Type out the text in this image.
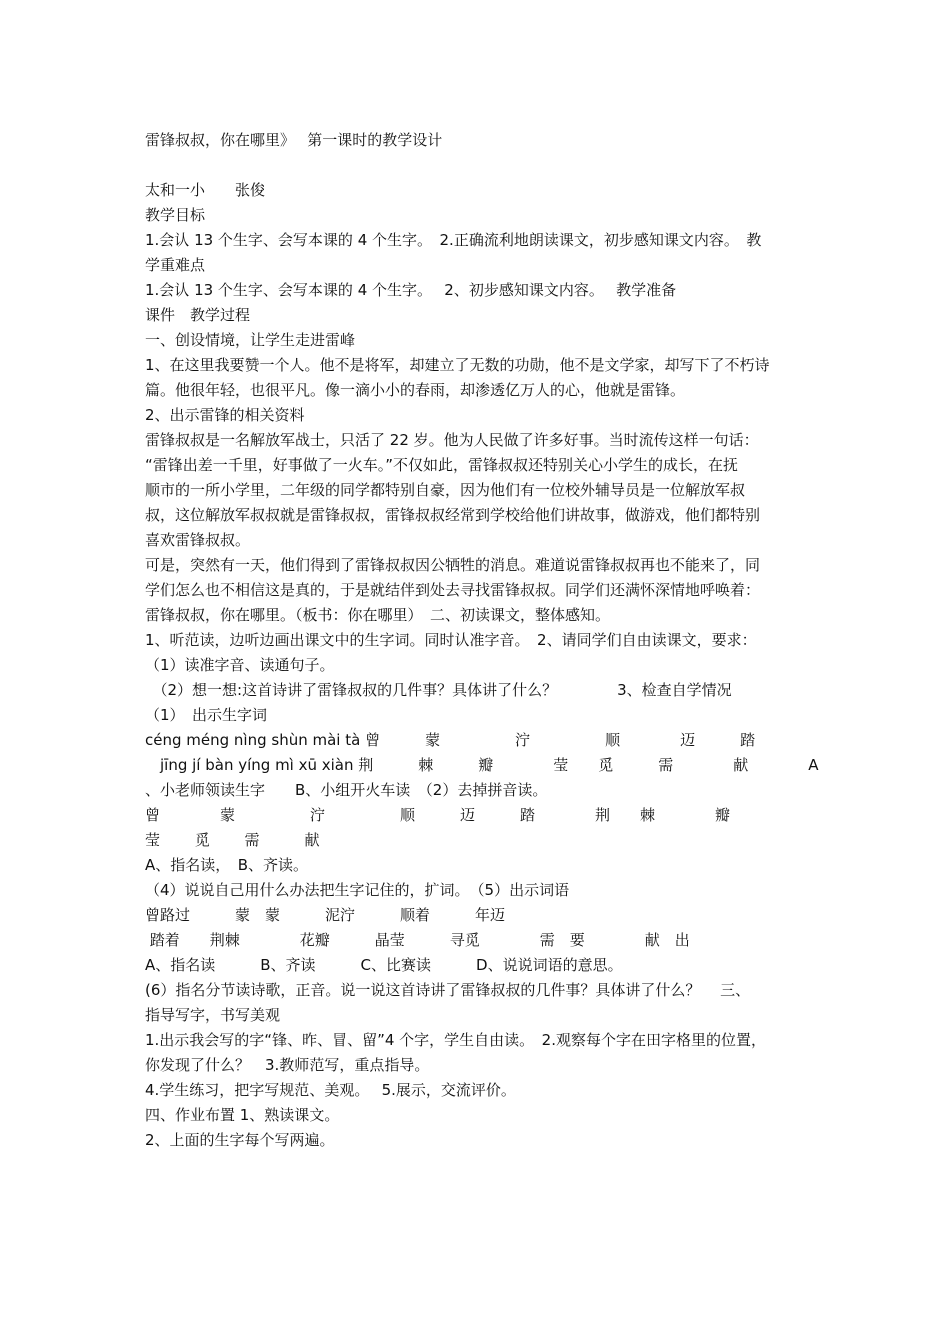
雷锋叔叔，你在哪里》　 第一课时的教学设计
太和一小　　张俊
教学目标
1.会认 13 个生字、会写本课的 4 个生字。　2.正确流利地朗读课文，初步感知课文内容。　教
学重难点
1.会认 13 个生字、会写本课的 4 个生字。　 2、初步感知课文内容。　 教学准备
课件　教学过程
一、创设情境，让学生走进雷峰
1、在这里我要赞一个人。他不是将军，却建立了无数的功勋，他不是文学家，却写下了不朽诗
篇。他很年轻，也很平凡。像一滴小小的春雨，却渗透亿万人的心，他就是雷锋。
2、出示雷锋的相关资料
雷锋叔叔是一名解放军战士，只活了 22 岁。他为人民做了许多好事。当时流传这样一句话：
“雷锋出差一千里，好事做了一火车。”不仅如此，雷锋叔叔还特别关心小学生的成长，在抚
顺市的一所小学里，二年级的同学都特别自豪，因为他们有一位校外辅导员是一位解放军叔
叔，这位解放军叔叔就是雷锋叔叔，雷锋叔叔经常到学校给他们讲故事，做游戏，他们都特别
喜欢雷锋叔叔。
可是，突然有一天，他们得到了雷锋叔叔因公牺牲的消息。难道说雷锋叔叔再也不能来了，同
学们怎么也不相信这是真的，于是就结伴到处去寻找雷锋叔叔。同学们还满怀深情地呼唤着：
雷锋叔叔，你在哪里。（板书：你在哪里）　二、初读课文，整体感知。
1、听范读，边听边画出课文中的生字词。同时认准字音。　2、请同学们自由读课文，要求：
（1）读准字音、读通句子。
　（2）想一想:这首诗讲了雷锋叔叔的几件事？具体讲了什么？　　　　3、检查自学情况
（1）　出示生字词
céng méng nìng shùn mài tà 曾　　　蒙　　　　　泞　　　　　顺　　　　迈　　　踏
　jīng jí bàn yíng mì xū xiàn 荆　　　棘　　　瓣　　　　莹　　觅　　　需　　　　献　　　　A
、小老师领读生字　　B、小组开火车读　（2）去掉拼音读。
曾　　　　蒙　　　　　泞　　　　　顺　　　迈　　　踏　　　　荆　　棘　　　　瓣
莹　　 觅　　 需　　　献
A、指名读，　B、齐读。
（4）说说自己用什么办法把生字记住的，扩词。　（5）出示词语
曾路过　　　蒙　蒙　　　泥泞　　　顺着　　　年迈
踏着　　荆棘　　　　花瓣　　　晶莹　　　寻觅　　　　需　要　　　　献　出
A、指名读　　　B、齐读　　　C、比赛读　　　D、说说词语的意思。
(6）指名分节读诗歌，正音。说一说这首诗讲了雷锋叔叔的几件事？具体讲了什么？　 三、
指导写字，书写美观
1.出示我会写的字“锋、昨、冒、留”4 个字，学生自由读。　2.观察每个字在田字格里的位置，
你发现了什么？　3.教师范写，重点指导。
4.学生练习，把字写规范、美观。　 5.展示，交流评价。
四、作业布置 1、熟读课文。
2、上面的生字每个写两遍。
